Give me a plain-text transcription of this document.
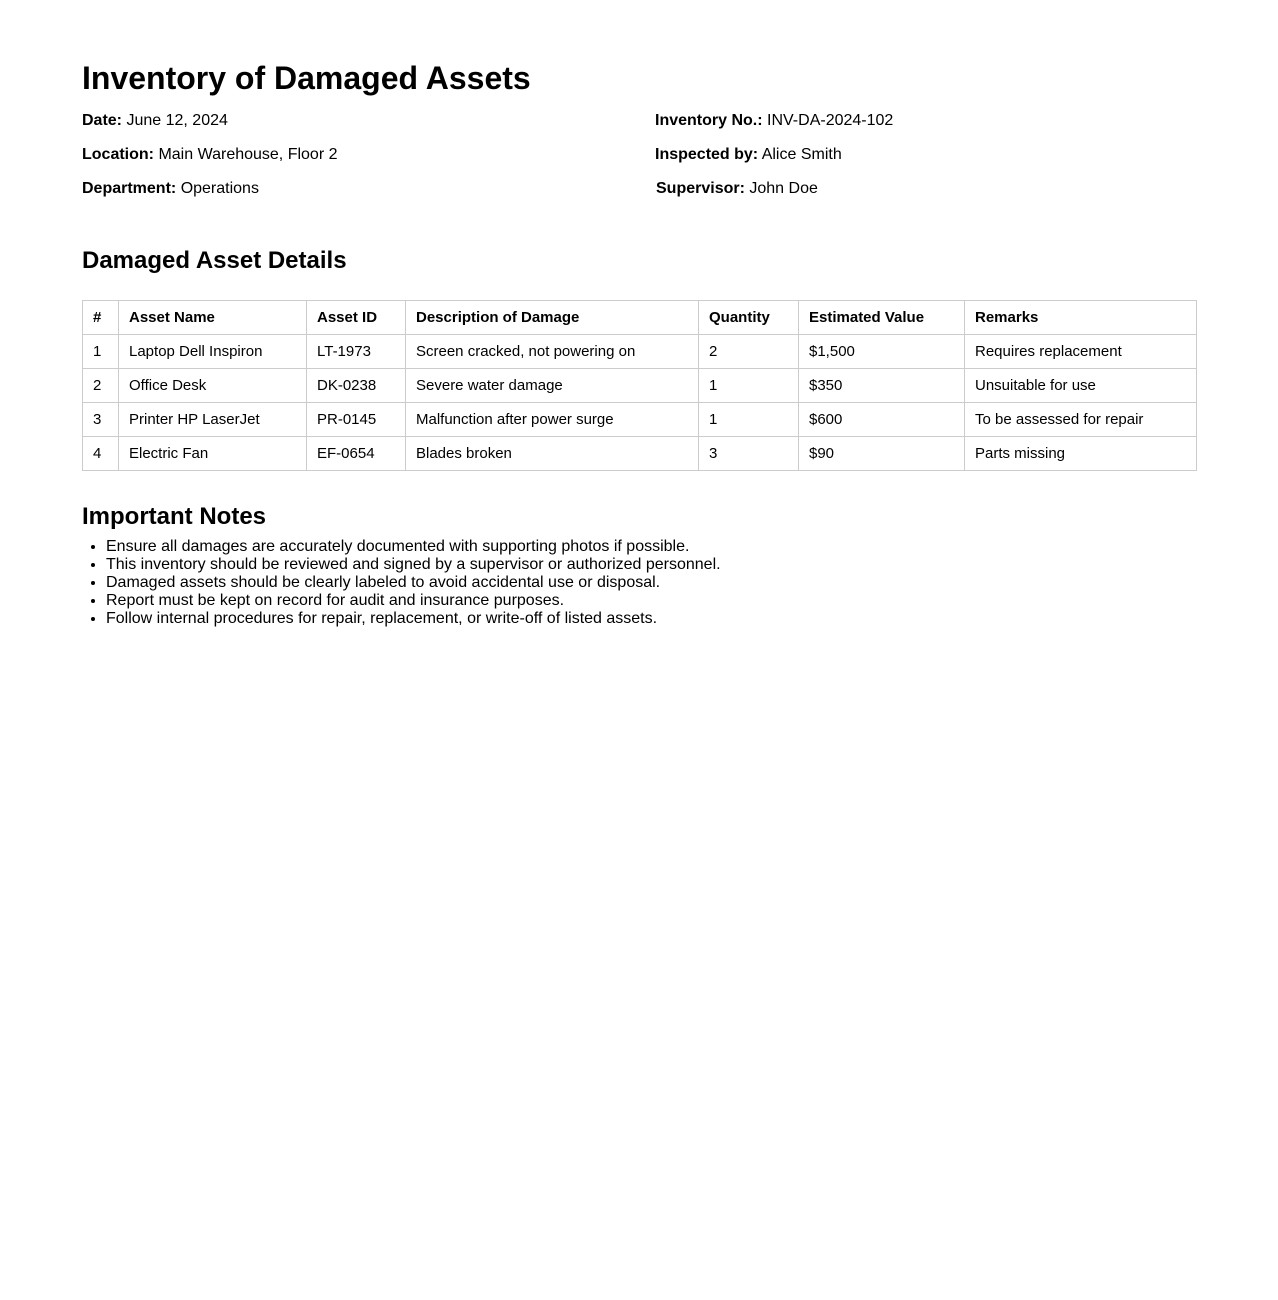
Inventory of Damaged Assets
Date: June 12, 2024
Location: Main Warehouse, Floor 2
Department: Operations
Inventory No.: INV-DA-2024-102
Inspected by: Alice Smith
Supervisor: John Doe
Damaged Asset Details
#	Asset Name	Asset ID	Description of Damage	Quantity	Estimated Value	Remarks
1	Laptop Dell Inspiron	LT-1973	Screen cracked, not powering on	2	$1,500	Requires replacement
2	Office Desk	DK-0238	Severe water damage	1	$350	Unsuitable for use
3	Printer HP LaserJet	PR-0145	Malfunction after power surge	1	$600	To be assessed for repair
4	Electric Fan	EF-0654	Blades broken	3	$90	Parts missing
Important Notes
• Ensure all damages are accurately documented with supporting photos if possible.
• This inventory should be reviewed and signed by a supervisor or authorized personnel.
• Damaged assets should be clearly labeled to avoid accidental use or disposal.
• Report must be kept on record for audit and insurance purposes.
• Follow internal procedures for repair, replacement, or write-off of listed assets.
